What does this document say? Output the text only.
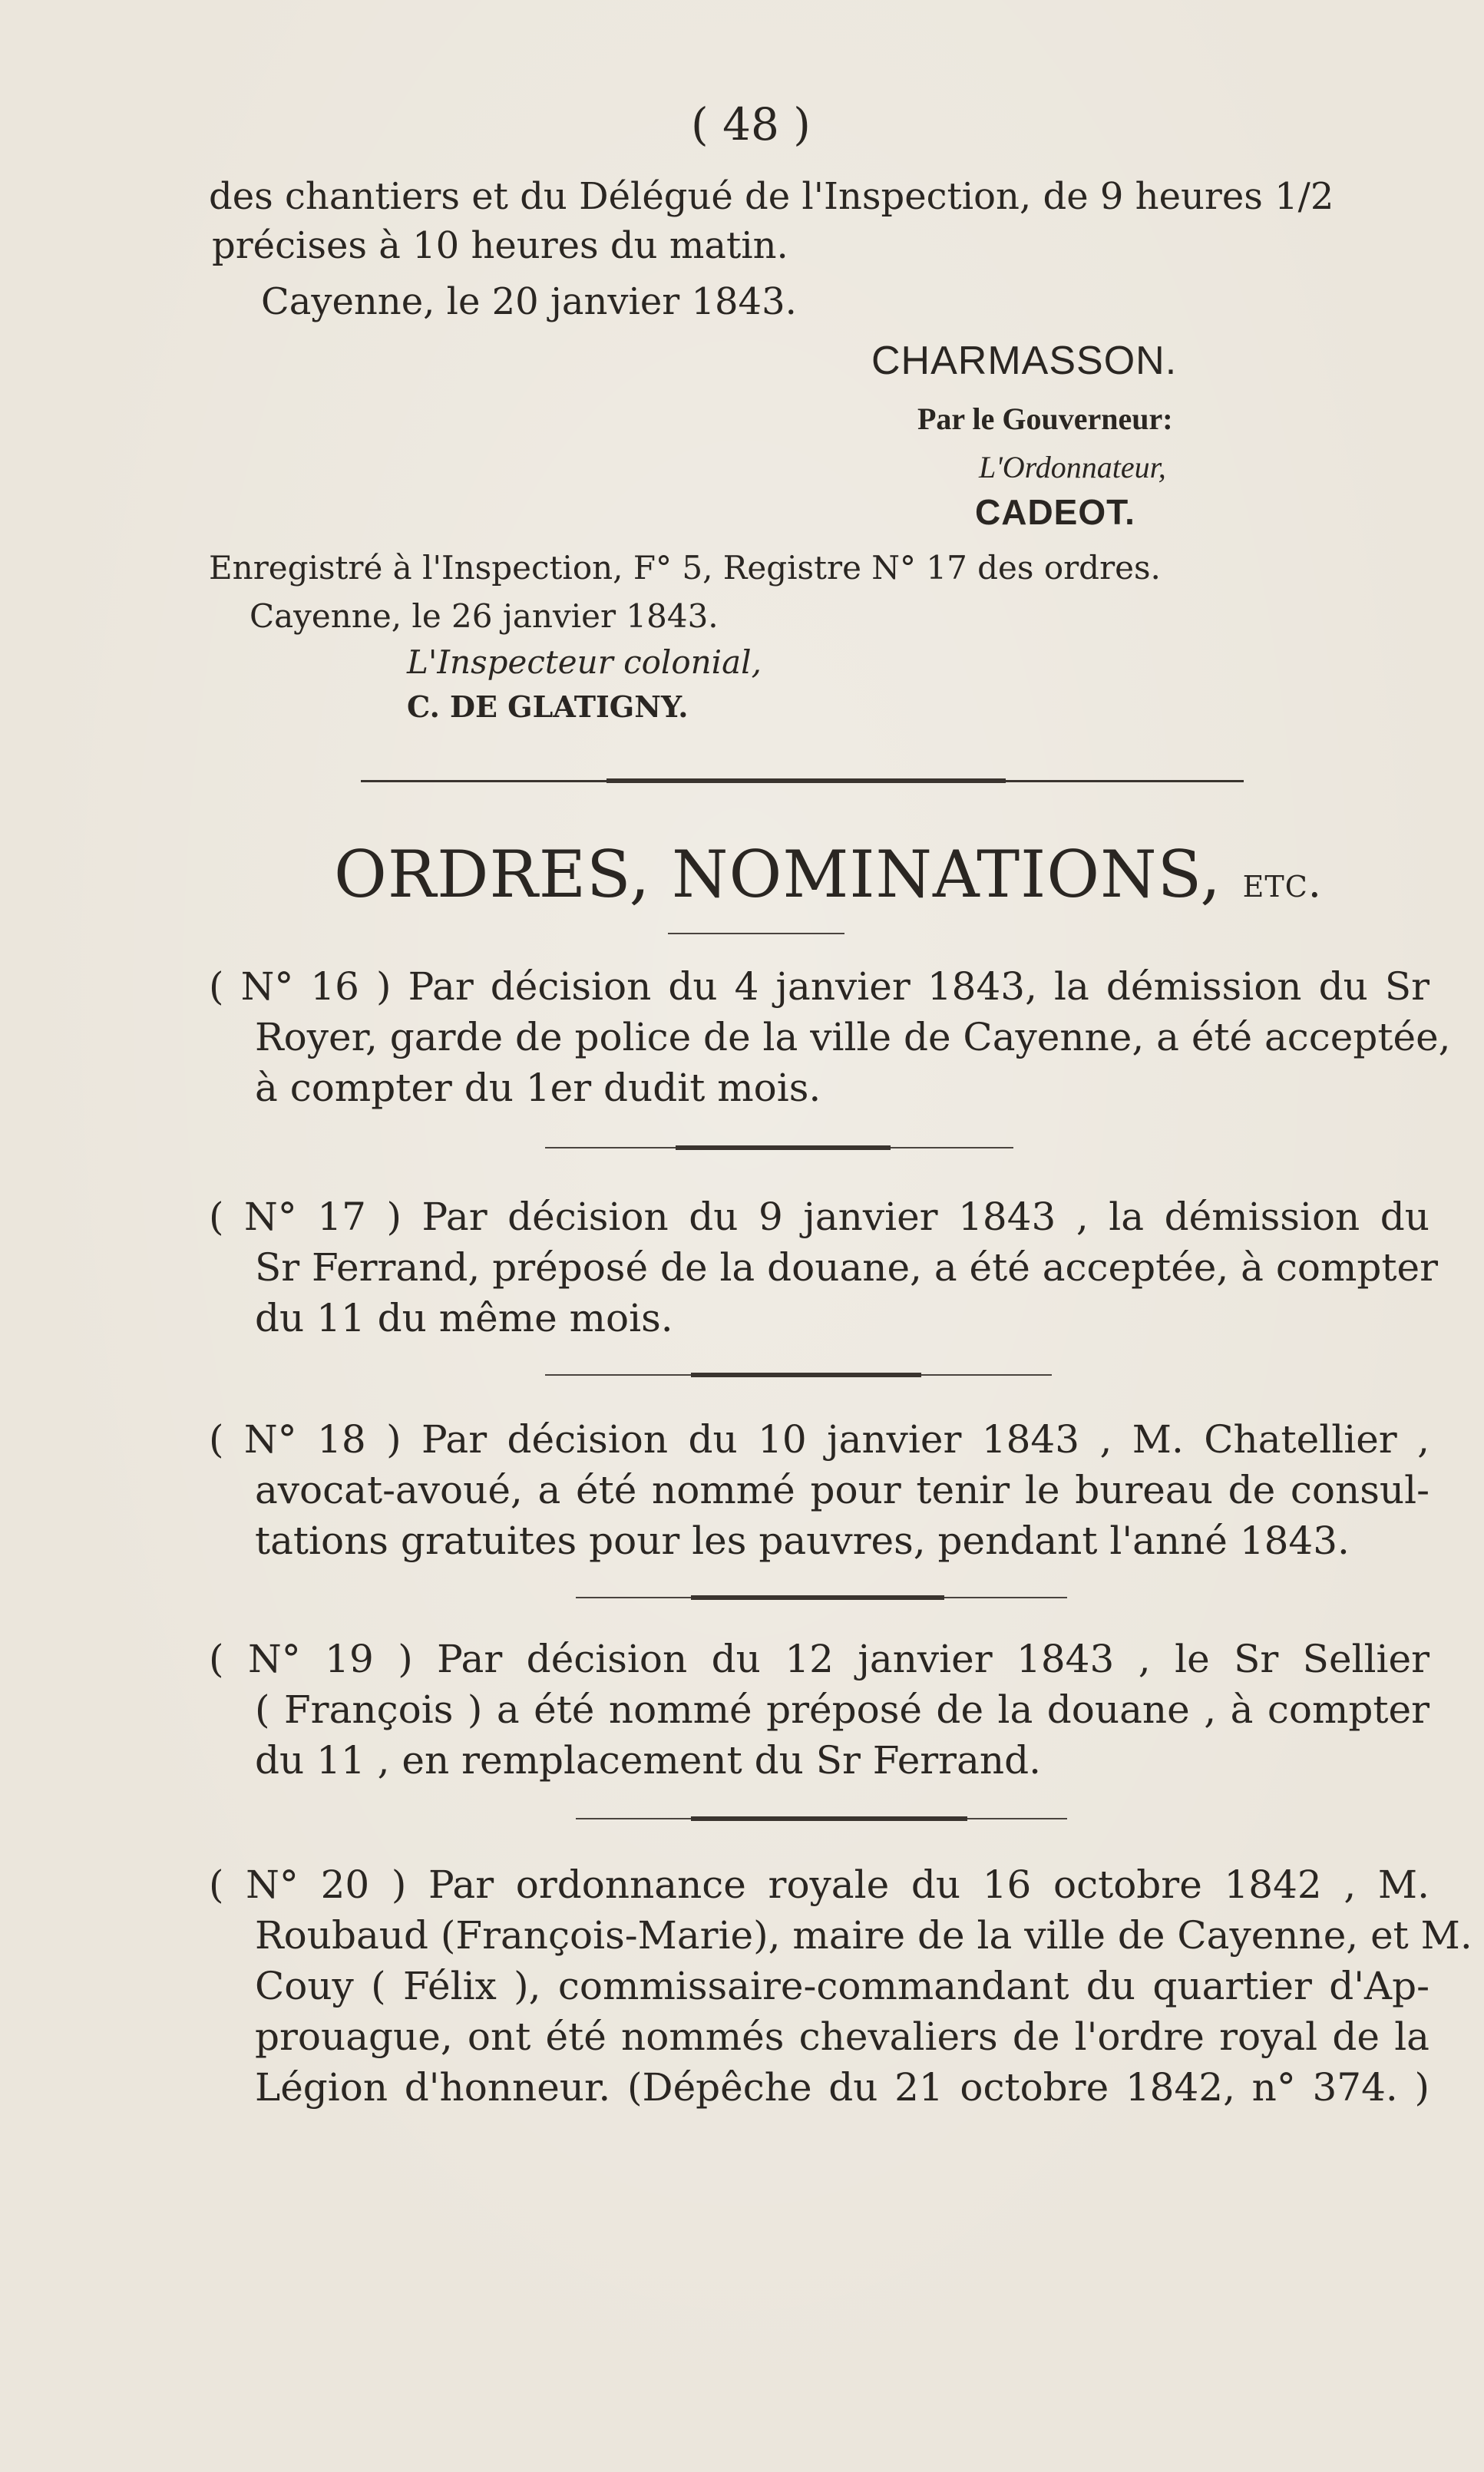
( 48 )
des chantiers et du Délégué de l'Inspection, de 9 heures 1/2
précises à 10 heures du matin.
Cayenne, le 20 janvier 1843.
CHARMASSON.
Par le Gouverneur:
L'Ordonnateur,
CADEOT.
Enregistré à l'Inspection, F° 5, Registre N° 17 des ordres.
Cayenne, le 26 janvier 1843.
L'Inspecteur colonial,
C. DE GLATIGNY.
ORDRES, NOMINATIONS, etc.
( N° 16 ) Par décision du 4 janvier 1843, la démission du Sr
Royer, garde de police de la ville de Cayenne, a été acceptée,
à compter du 1er dudit mois.
( N° 17 ) Par décision du 9 janvier 1843 , la démission du
Sr Ferrand, préposé de la douane, a été acceptée, à compter
du 11 du même mois.
( N° 18 ) Par décision du 10 janvier 1843 , M. Chatellier ,
avocat-avoué, a été nommé pour tenir le bureau de consul-
tations gratuites pour les pauvres, pendant l'anné 1843.
( N° 19 ) Par décision du 12 janvier 1843 , le Sr Sellier
( François ) a été nommé préposé de la douane , à compter
du 11 , en remplacement du Sr Ferrand.
( N° 20 ) Par ordonnance royale du 16 octobre 1842 , M.
Roubaud (François-Marie), maire de la ville de Cayenne, et M.
Couy ( Félix ), commissaire-commandant du quartier d'Ap-
prouague, ont été nommés chevaliers de l'ordre royal de la
Légion d'honneur. (Dépêche du 21 octobre 1842, n° 374. )
